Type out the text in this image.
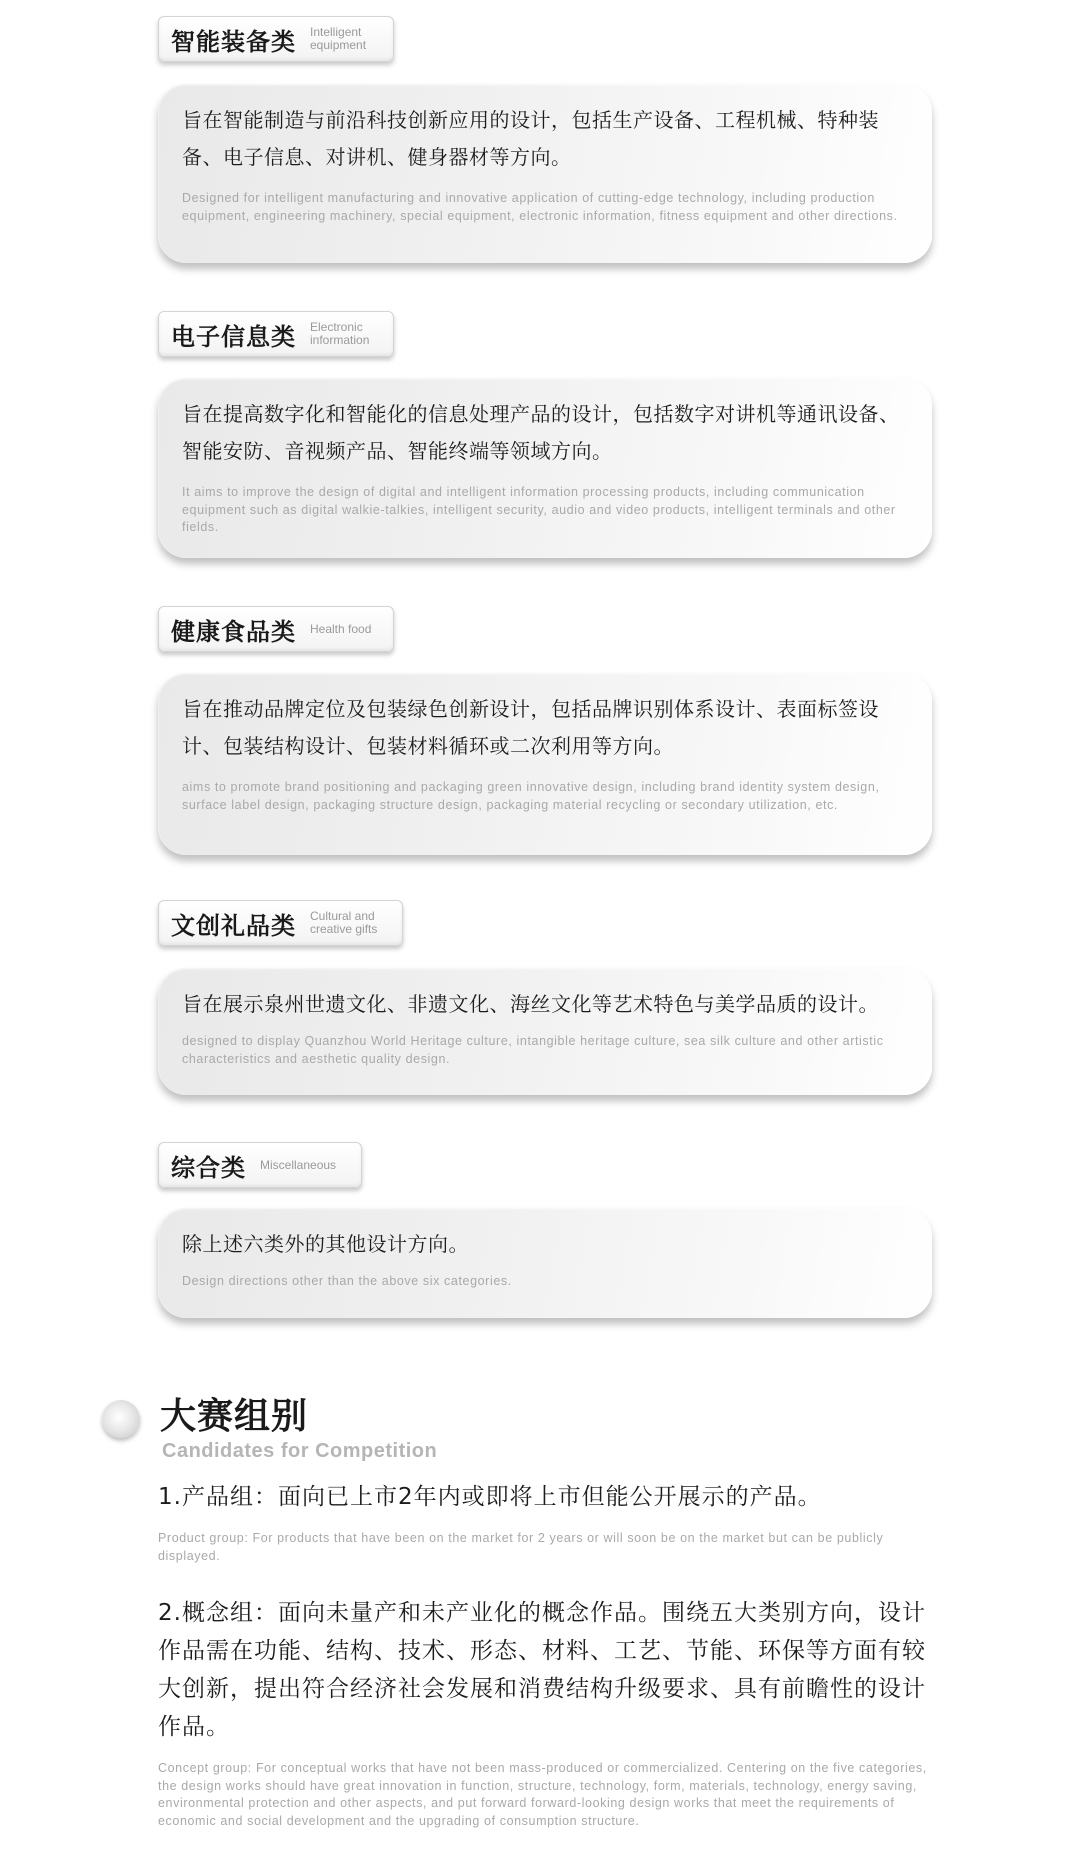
智能装备类 Intelligent
equipment
旨在智能制造与前沿科技创新应用的设计，包括生产设备、工程机械、特种装备、电子信息、对讲机、健身器材等方向。
Designed for intelligent manufacturing and innovative application of cutting-edge technology, including production equipment, engineering machinery, special equipment, electronic information, fitness equipment and other directions.
电子信息类 Electronic
information
旨在提高数字化和智能化的信息处理产品的设计，包括数字对讲机等通讯设备、智能安防、音视频产品、智能终端等领域方向。
It aims to improve the design of digital and intelligent information processing products, including communication equipment such as digital walkie-talkies, intelligent security, audio and video products, intelligent terminals and other fields.
健康食品类 Health food
旨在推动品牌定位及包装绿色创新设计，包括品牌识别体系设计、表面标签设计、包装结构设计、包装材料循环或二次利用等方向。
aims to promote brand positioning and packaging green innovative design, including brand identity system design, surface label design, packaging structure design, packaging material recycling or secondary utilization, etc.
文创礼品类 Cultural and
creative gifts
旨在展示泉州世遗文化、非遗文化、海丝文化等艺术特色与美学品质的设计。
designed to display Quanzhou World Heritage culture, intangible heritage culture, sea silk culture and other artistic characteristics and aesthetic quality design.
综合类 Miscellaneous
除上述六类外的其他设计方向。
Design directions other than the above six categories.
大赛组别
Candidates for Competition
1.产品组：面向已上市2年内或即将上市但能公开展示的产品。
Product group: For products that have been on the market for 2 years or will soon be on the market but can be publicly displayed.
2.概念组：面向未量产和未产业化的概念作品。围绕五大类别方向，设计作品需在功能、结构、技术、形态、材料、工艺、节能、环保等方面有较大创新，提出符合经济社会发展和消费结构升级要求、具有前瞻性的设计作品。
Concept group: For conceptual works that have not been mass-produced or commercialized. Centering on the five categories, the design works should have great innovation in function, structure, technology, form, materials, technology, energy saving, environmental protection and other aspects, and put forward forward-looking design works that meet the requirements of economic and social development and the upgrading of consumption structure.
